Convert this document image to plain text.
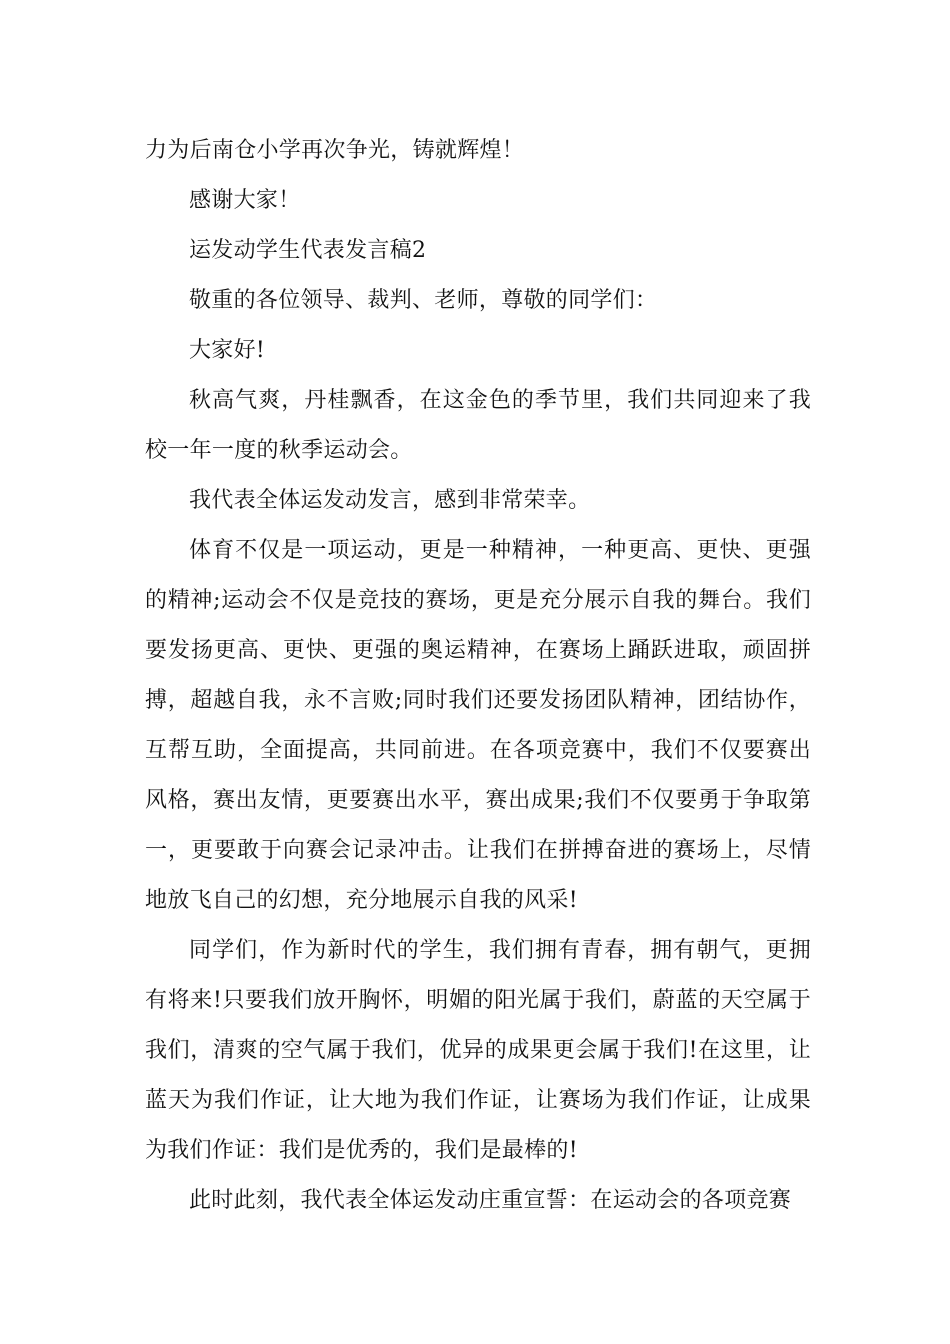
力为后南仓小学再次争光，铸就辉煌！

感谢大家！

运发动学生代表发言稿2

敬重的各位领导、裁判、老师，尊敬的同学们：

大家好!

秋高气爽，丹桂飘香，在这金色的季节里，我们共同迎来了我校一年一度的秋季运动会。

我代表全体运发动发言，感到非常荣幸。

体育不仅是一项运动，更是一种精神，一种更高、更快、更强的精神;运动会不仅是竞技的赛场，更是充分展示自我的舞台。我们要发扬更高、更快、更强的奥运精神，在赛场上踊跃进取，顽固拼搏，超越自我，永不言败;同时我们还要发扬团队精神，团结协作，互帮互助，全面提高，共同前进。在各项竞赛中，我们不仅要赛出风格，赛出友情，更要赛出水平，赛出成果;我们不仅要勇于争取第一，更要敢于向赛会记录冲击。让我们在拼搏奋进的赛场上，尽情地放飞自己的幻想，充分地展示自我的风采!

同学们，作为新时代的学生，我们拥有青春，拥有朝气，更拥有将来!只要我们放开胸怀，明媚的阳光属于我们，蔚蓝的天空属于我们，清爽的空气属于我们，优异的成果更会属于我们!在这里，让蓝天为我们作证，让大地为我们作证，让赛场为我们作证，让成果为我们作证：我们是优秀的，我们是最棒的!

此时此刻，我代表全体运发动庄重宣誓：在运动会的各项竞赛
